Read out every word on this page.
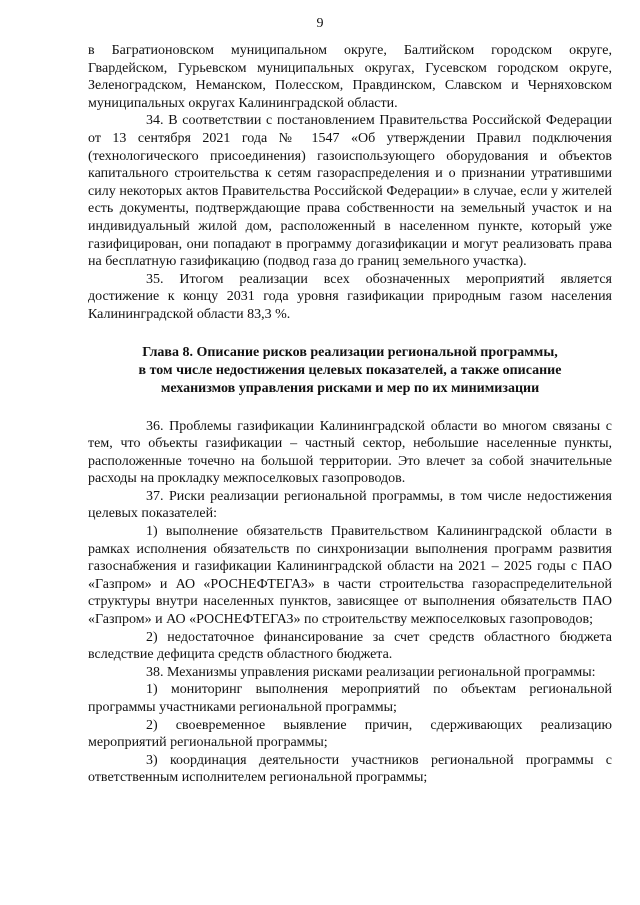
9

в Багратионовском муниципальном округе, Балтийском городском округе, Гвардейском, Гурьевском муниципальных округах, Гусевском городском округе, Зеленоградском, Неманском, Полесском, Правдинском, Славском и Черняховском муниципальных округах Калининградской области.

34. В соответствии с постановлением Правительства Российской Федерации от 13 сентября 2021 года № 1547 «Об утверждении Правил подключения (технологического присоединения) газоиспользующего оборудования и объектов капитального строительства к сетям газораспределения и о признании утратившими силу некоторых актов Правительства Российской Федерации» в случае, если у жителей есть документы, подтверждающие права собственности на земельный участок и на индивидуальный жилой дом, расположенный в населенном пункте, который уже газифицирован, они попадают в программу догазификации и могут реализовать права на бесплатную газификацию (подвод газа до границ земельного участка).

35. Итогом реализации всех обозначенных мероприятий является достижение к концу 2031 года уровня газификации природным газом населения Калининградской области 83,3 %.

Глава 8. Описание рисков реализации региональной программы,
в том числе недостижения целевых показателей, а также описание
механизмов управления рисками и мер по их минимизации

36. Проблемы газификации Калининградской области во многом связаны с тем, что объекты газификации – частный сектор, небольшие населенные пункты, расположенные точечно на большой территории. Это влечет за собой значительные расходы на прокладку межпоселковых газопроводов.

37. Риски реализации региональной программы, в том числе недостижения целевых показателей:

1) выполнение обязательств Правительством Калининградской области в рамках исполнения обязательств по синхронизации выполнения программ развития газоснабжения и газификации Калининградской области на 2021 – 2025 годы с ПАО «Газпром» и АО «РОСНЕФТЕГАЗ» в части строительства газораспределительной структуры внутри населенных пунктов, зависящее от выполнения обязательств ПАО «Газпром» и АО «РОСНЕФТЕГАЗ» по строительству межпоселковых газопроводов;

2) недостаточное финансирование за счет средств областного бюджета вследствие дефицита средств областного бюджета.

38. Механизмы управления рисками реализации региональной программы:

1) мониторинг выполнения мероприятий по объектам региональной программы участниками региональной программы;

2) своевременное выявление причин, сдерживающих реализацию мероприятий региональной программы;

3) координация деятельности участников региональной программы с ответственным исполнителем региональной программы;
